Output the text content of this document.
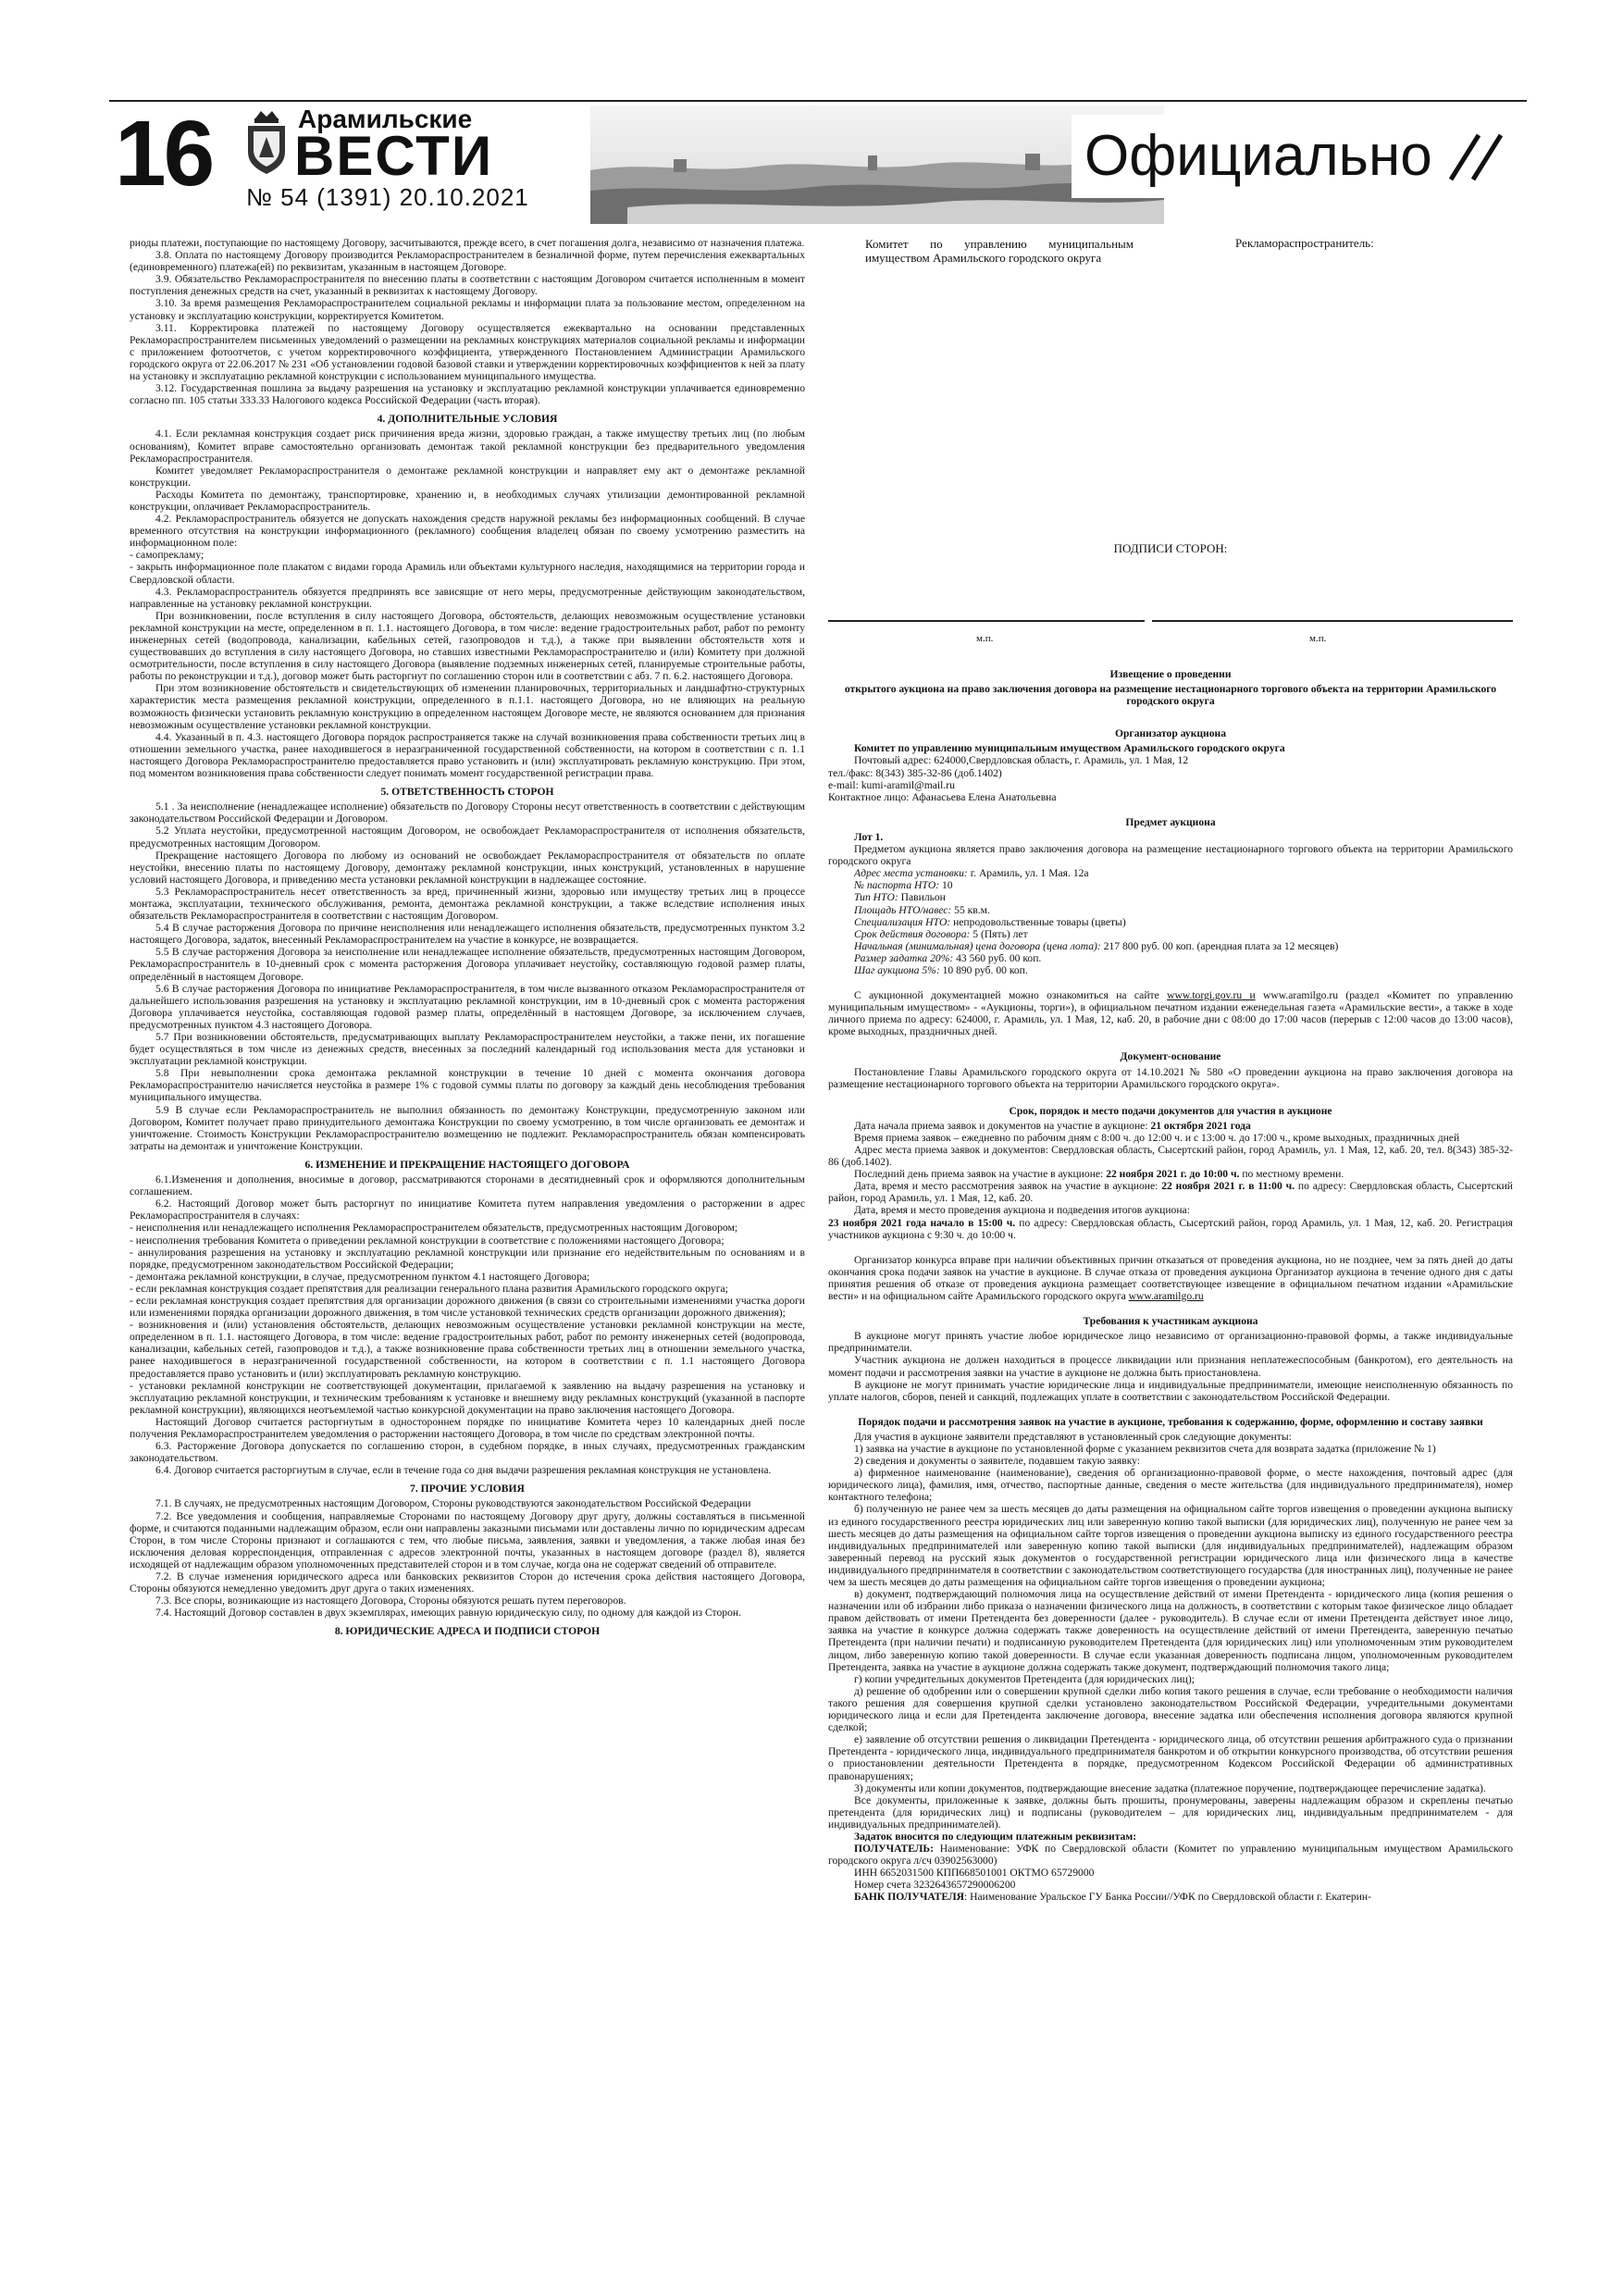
16	Арамильские
ВЕСТИ
№ 54 (1391) 20.10.2021
Официально

риоды платежи, поступающие по настоящему Договору, засчитываются, прежде всего, в счет погашения долга, независимо от назначения платежа.

3.8. Оплата по настоящему Договору производится Рекламораспространителем в безналичной форме, путем перечисления ежеквартальных (единовременного) платежа(ей) по реквизитам, указанным в настоящем Договоре.

3.9. Обязательство Рекламораспространителя по внесению платы в соответствии с настоящим Договором считается исполненным в момент поступления денежных средств на счет, указанный в реквизитах к настоящему Договору.

3.10. За время размещения Рекламораспространителем социальной рекламы и информации плата за пользование местом, определенном на установку и эксплуатацию конструкции, корректируется Комитетом.

3.11. Корректировка платежей по настоящему Договору осуществляется ежеквартально на основании представленных Рекламораспространителем письменных уведомлений о размещении на рекламных конструкциях материалов социальной рекламы и информации с приложением фотоотчетов, с учетом корректировочного коэффициента, утвержденного Постановлением Администрации Арамильского городского округа от 22.06.2017 № 231 «Об установлении годовой базовой ставки и утверждении корректировочных коэффициентов к ней за плату на установку и эксплуатацию рекламной конструкции с использованием муниципального имущества.

3.12. Государственная пошлина за выдачу разрешения на установку и эксплуатацию рекламной конструкции уплачивается единовременно согласно пп. 105 статьи 333.33 Налогового кодекса Российской Федерации (часть вторая).

4. ДОПОЛНИТЕЛЬНЫЕ УСЛОВИЯ

4.1. Если рекламная конструкция создает риск причинения вреда жизни, здоровью граждан, а также имуществу третьих лиц (по любым основаниям), Комитет вправе самостоятельно организовать демонтаж такой рекламной конструкции без предварительного уведомления Рекламораспространителя.

Комитет уведомляет Рекламораспространителя о демонтаже рекламной конструкции и направляет ему акт о демонтаже рекламной конструкции.

Расходы Комитета по демонтажу, транспортировке, хранению и, в необходимых случаях утилизации демонтированной рекламной конструкции, оплачивает Рекламораспространитель.

4.2. Рекламораспространитель обязуется не допускать нахождения средств наружной рекламы без информационных сообщений. В случае временного отсутствия на конструкции информационного (рекламного) сообщения владелец обязан по своему усмотрению разместить на информационном поле:

- самопрекламу;

- закрыть информационное поле плакатом с видами города Арамиль или объектами культурного наследия, находящимися на территории города и Свердловской области.

4.3. Рекламораспространитель обязуется предпринять все зависящие от него меры, предусмотренные действующим законодательством, направленные на установку рекламной конструкции.

При возникновении, после вступления в силу настоящего Договора, обстоятельств, делающих невозможным осуществление установки рекламной конструкции на месте, определенном в п. 1.1. настоящего Договора, в том числе: ведение градостроительных работ, работ по ремонту инженерных сетей (водопровода, канализации, кабельных сетей, газопроводов и т.д.), а также при выявлении обстоятельств хотя и существовавших до вступления в силу настоящего Договора, но ставших известными Рекламораспространителю и (или) Комитету при должной осмотрительности, после вступления в силу настоящего Договора (выявление подземных инженерных сетей, планируемые строительные работы, работы по реконструкции и т.д.), договор может быть расторгнут по соглашению сторон или в соответствии с абз. 7 п. 6.2. настоящего Договора.

При этом возникновение обстоятельств и свидетельствующих об изменении планировочных, территориальных и ландшафтно-структурных характеристик места размещения рекламной конструкции, определенного в п.1.1. настоящего Договора, но не влияющих на реальную возможность физически установить рекламную конструкцию в определенном настоящем Договоре месте, не являются основанием для признания невозможным осуществление установки рекламной конструкции.

4.4. Указанный в п. 4.3. настоящего Договора порядок распространяется также на случай возникновения права собственности третьих лиц в отношении земельного участка, ранее находившегося в неразграниченной государственной собственности, на котором в соответствии с п. 1.1 настоящего Договора Рекламораспространителю предоставляется право установить и (или) эксплуатировать рекламную конструкцию. При этом, под моментом возникновения права собственности следует понимать момент государственной регистрации права.

5. ОТВЕТСТВЕННОСТЬ СТОРОН

5.1 . За неисполнение (ненадлежащее исполнение) обязательств по Договору Стороны несут ответственность в соответствии с действующим законодательством Российской Федерации и Договором.

5.2 Уплата неустойки, предусмотренной настоящим Договором, не освобождает Рекламораспространителя от исполнения обязательств, предусмотренных настоящим Договором.

Прекращение настоящего Договора по любому из оснований не освобождает Рекламораспространителя от обязательств по оплате неустойки, внесению платы по настоящему Договору, демонтажу рекламной конструкции, иных конструкций, установленных в нарушение условий настоящего Договора, и приведению места установки рекламной конструкции в надлежащее состояние.

5.3 Рекламораспространитель несет ответственность за вред, причиненный жизни, здоровью или имуществу третьих лиц в процессе монтажа, эксплуатации, технического обслуживания, ремонта, демонтажа рекламной конструкции, а также вследствие исполнения иных обязательств Рекламораспространителя в соответствии с настоящим Договором.

5.4 В случае расторжения Договора по причине неисполнения или ненадлежащего исполнения обязательств, предусмотренных пунктом 3.2 настоящего Договора, задаток, внесенный Рекламораспространителем на участие в конкурсе, не возвращается.

5.5 В случае расторжения Договора за неисполнение или ненадлежащее исполнение обязательств, предусмотренных настоящим Договором, Рекламораспространитель в 10-дневный срок с момента расторжения Договора уплачивает неустойку, составляющую годовой размер платы, определённый в настоящем Договоре.

5.6 В случае расторжения Договора по инициативе Рекламораспространителя, в том числе вызванного отказом Рекламораспространителя от дальнейшего использования разрешения на установку и эксплуатацию рекламной конструкции, им в 10-дневный срок с момента расторжения Договора уплачивается неустойка, составляющая годовой размер платы, определённый в настоящем Договоре, за исключением случаев, предусмотренных пунктом 4.3 настоящего Договора.

5.7 При возникновении обстоятельств, предусматривающих выплату Рекламораспространителем неустойки, а также пени, их погашение будет осуществляться в том числе из денежных средств, внесенных за последний календарный год использования места для установки и эксплуатации рекламной конструкции.

5.8 При невыполнении срока демонтажа рекламной конструкции в течение 10 дней с момента окончания договора Рекламораспространителю начисляется неустойка в размере 1% с годовой суммы платы по договору за каждый день несоблюдения требования муниципального имущества.

5.9 В случае если Рекламораспространитель не выполнил обязанность по демонтажу Конструкции, предусмотренную законом или Договором, Комитет получает право принудительного демонтажа Конструкции по своему усмотрению, в том числе организовать ее демонтаж и уничтожение. Стоимость Конструкции Рекламораспространителю возмещению не подлежит. Рекламораспространитель обязан компенсировать затраты на демонтаж и уничтожение Конструкции.

6. ИЗМЕНЕНИЕ И ПРЕКРАЩЕНИЕ НАСТОЯЩЕГО ДОГОВОРА

6.1.Изменения и дополнения, вносимые в договор, рассматриваются сторонами в десятидневный срок и оформляются дополнительным соглашением.

6.2. Настоящий Договор может быть расторгнут по инициативе Комитета путем направления уведомления о расторжении в адрес Рекламораспространителя в случаях:

- неисполнения или ненадлежащего исполнения Рекламораспространителем обязательств, предусмотренных настоящим Договором;

- неисполнения требования Комитета о приведении рекламной конструкции в соответствие с положениями настоящего Договора;

- аннулирования разрешения на установку и эксплуатацию рекламной конструкции или признание его недействительным по основаниям и в порядке, предусмотренном законодательством Российской Федерации;

- демонтажа рекламной конструкции, в случае, предусмотренном пунктом 4.1 настоящего Договора;

- если рекламная конструкция создает препятствия для реализации генерального плана развития Арамильского городского округа;

- если рекламная конструкция создает препятствия для организации дорожного движения (в связи со строительными изменениями участка дороги или изменениями порядка организации дорожного движения, в том числе установкой технических средств организации дорожного движения);

- возникновения и (или) установления обстоятельств, делающих невозможным осуществление установки рекламной конструкции на месте, определенном в п. 1.1. настоящего Договора, в том числе: ведение градостроительных работ, работ по ремонту инженерных сетей (водопровода, канализации, кабельных сетей, газопроводов и т.д.), а также возникновение права собственности третьих лиц в отношении земельного участка, ранее находившегося в неразграниченной государственной собственности, на котором в соответствии с п. 1.1 настоящего Договора предоставляется право установить и (или) эксплуатировать рекламную конструкцию.

- установки рекламной конструкции не соответствующей документации, прилагаемой к заявлению на выдачу разрешения на установку и эксплуатацию рекламной конструкции, и техническим требованиям к установке и внешнему виду рекламных конструкций (указанной в паспорте рекламной конструкции), являющихся неотъемлемой частью конкурсной документации на право заключения настоящего Договора.

Настоящий Договор считается расторгнутым в одностороннем порядке по инициативе Комитета через 10 календарных дней после получения Рекламораспространителем уведомления о расторжении настоящего Договора, в том числе по средствам электронной почты.

6.3. Расторжение Договора допускается по соглашению сторон, в судебном порядке, в иных случаях, предусмотренных гражданским законодательством.

6.4. Договор считается расторгнутым в случае, если в течение года со дня выдачи разрешения рекламная конструкция не установлена.

7. ПРОЧИЕ УСЛОВИЯ

7.1. В случаях, не предусмотренных настоящим Договором, Стороны руководствуются законодательством Российской Федерации

7.2. Все уведомления и сообщения, направляемые Сторонами по настоящему Договору друг другу, должны составляться в письменной форме, и считаются поданными надлежащим образом, если они направлены заказными письмами или доставлены лично по юридическим адресам Сторон, в том числе Стороны признают и соглашаются с тем, что любые письма, заявления, заявки и уведомления, а также любая иная без исключения деловая корреспонденция, отправленная с адресов электронной почты, указанных в настоящем договоре (раздел 8), является исходящей от надлежащим образом уполномоченных представителей сторон и в том случае, когда она не содержат сведений об отправителе.

7.2. В случае изменения юридического адреса или банковских реквизитов Сторон до истечения срока действия настоящего Договора, Стороны обязуются немедленно уведомить друг друга о таких изменениях.

7.3. Все споры, возникающие из настоящего Договора, Стороны обязуются решать путем переговоров.

7.4. Настоящий Договор составлен в двух экземплярах, имеющих равную юридическую силу, по одному для каждой из Сторон.

8. ЮРИДИЧЕСКИЕ АДРЕСА И ПОДПИСИ СТОРОН

Комитет по управлению муниципальным имуществом Арамильского городского округа
Рекламораспространитель:
ПОДПИСИ СТОРОН:
м.п.	м.п.

Извещение о проведении

открытого аукциона на право заключения договора на размещение нестационарного торгового объекта на территории Арамильского городского округа

Организатор аукциона

Комитет по управлению муниципальным имуществом Арамильского городского округа

Почтовый адрес: 624000,Свердловская область, г. Арамиль, ул. 1 Мая, 12

тел./факс: 8(343) 385-32-86 (доб.1402)

e-mail: kumi-aramil@mail.ru

Контактное лицо: Афанасьева Елена Анатольевна

Предмет аукциона

Лот 1.

Предметом аукциона является право заключения договора на размещение нестационарного торгового объекта на территории Арамильского городского округа

Адрес места установки: г. Арамиль, ул. 1 Мая. 12а

№ паспорта НТО: 10

Тип НТО: Павильон

Площадь НТО/навес: 55 кв.м.

Специализация НТО: непродовольственные товары (цветы)

Срок действия договора: 5 (Пять) лет

Начальная (минимальная) цена договора (цена лота): 217 800 руб. 00 коп. (арендная плата за 12 месяцев)

Размер задатка 20%: 43 560 руб. 00 коп.

Шаг аукциона 5%: 10 890 руб. 00 коп.

С аукционной документацией можно ознакомиться на сайте www.torgi.gov.ru и www.aramilgo.ru (раздел «Комитет по управлению муниципальным имуществом» - «Аукционы, торги»), в официальном печатном издании еженедельная газета «Арамильские вести», а также в ходе личного приема по адресу: 624000, г. Арамиль, ул. 1 Мая, 12, каб. 20, в рабочие дни с 08:00 до 17:00 часов (перерыв с 12:00 часов до 13:00 часов), кроме выходных, праздничных дней.

Документ-основание

Постановление Главы Арамильского городского округа от 14.10.2021 № 580 «О проведении аукциона на право заключения договора на размещение нестационарного торгового объекта на территории Арамильского городского округа».

Срок, порядок и место подачи документов для участия в аукционе

Дата начала приема заявок и документов на участие в аукционе: 21 октября 2021 года

Время приема заявок – ежедневно по рабочим дням с 8:00 ч. до 12:00 ч. и с 13:00 ч. до 17:00 ч., кроме выходных, праздничных дней

Адрес места приема заявок и документов: Свердловская область, Сысертский район, город Арамиль, ул. 1 Мая, 12, каб. 20, тел. 8(343) 385-32-86 (доб.1402).

Последний день приема заявок на участие в аукционе: 22 ноября 2021 г. до 10:00 ч. по местному времени.

Дата, время и место рассмотрения заявок на участие в аукционе: 22 ноября 2021 г. в 11:00 ч. по адресу: Свердловская область, Сысертский район, город Арамиль, ул. 1 Мая, 12, каб. 20.

Дата, время и место проведения аукциона и подведения итогов аукциона:

23 ноября 2021 года начало в 15:00 ч. по адресу: Свердловская область, Сысертский район, город Арамиль, ул. 1 Мая, 12, каб. 20. Регистрация участников аукциона с 9:30 ч. до 10:00 ч.

Организатор конкурса вправе при наличии объективных причин отказаться от проведения аукциона, но не позднее, чем за пять дней до даты окончания срока подачи заявок на участие в аукционе. В случае отказа от проведения аукциона Организатор аукциона в течение одного дня с даты принятия решения об отказе от проведения аукциона размещает соответствующее извещение в официальном печатном издании «Арамильские вести» и на официальном сайте Арамильского городского округа www.aramilgo.ru

Требования к участникам аукциона

В аукционе могут принять участие любое юридическое лицо независимо от организационно-правовой формы, а также индивидуальные предприниматели.

Участник аукциона не должен находиться в процессе ликвидации или признания неплатежеспособным (банкротом), его деятельность на момент подачи и рассмотрения заявки на участие в аукционе не должна быть приостановлена.

В аукционе не могут принимать участие юридические лица и индивидуальные предприниматели, имеющие неисполненную обязанность по уплате налогов, сборов, пеней и санкций, подлежащих уплате в соответствии с законодательством Российской Федерации.

Порядок подачи и рассмотрения заявок на участие в аукционе, требования к содержанию, форме, оформлению и составу заявки

Для участия в аукционе заявители представляют в установленный срок следующие документы:

1) заявка на участие в аукционе по установленной форме с указанием реквизитов счета для возврата задатка (приложение № 1)

2) сведения и документы о заявителе, подавшем такую заявку:

а) фирменное наименование (наименование), сведения об организационно-правовой форме, о месте нахождения, почтовый адрес (для юридического лица), фамилия, имя, отчество, паспортные данные, сведения о месте жительства (для индивидуального предпринимателя), номер контактного телефона;

б) полученную не ранее чем за шесть месяцев до даты размещения на официальном сайте торгов извещения о проведении аукциона выписку из единого государственного реестра юридических лиц или заверенную копию такой выписки (для юридических лиц), полученную не ранее чем за шесть месяцев до даты размещения на официальном сайте торгов извещения о проведении аукциона выписку из единого государственного реестра индивидуальных предпринимателей или заверенную копию такой выписки (для индивидуальных предпринимателей), надлежащим образом заверенный перевод на русский язык документов о государственной регистрации юридического лица или физического лица в качестве индивидуального предпринимателя в соответствии с законодательством соответствующего государства (для иностранных лиц), полученные не ранее чем за шесть месяцев до даты размещения на официальном сайте торгов извещения о проведении аукциона;

в) документ, подтверждающий полномочия лица на осуществление действий от имени Претендента - юридического лица (копия решения о назначении или об избрании либо приказа о назначении физического лица на должность, в соответствии с которым такое физическое лицо обладает правом действовать от имени Претендента без доверенности (далее - руководитель). В случае если от имени Претендента действует иное лицо, заявка на участие в конкурсе должна содержать также доверенность на осуществление действий от имени Претендента, заверенную печатью Претендента (при наличии печати) и подписанную руководителем Претендента (для юридических лиц) или уполномоченным этим руководителем лицом, либо заверенную копию такой доверенности. В случае если указанная доверенность подписана лицом, уполномоченным руководителем Претендента, заявка на участие в аукционе должна содержать также документ, подтверждающий полномочия такого лица;

г) копии учредительных документов Претендента (для юридических лиц);

д) решение об одобрении или о совершении крупной сделки либо копия такого решения в случае, если требование о необходимости наличия такого решения для совершения крупной сделки установлено законодательством Российской Федерации, учредительными документами юридического лица и если для Претендента заключение договора, внесение задатка или обеспечения исполнения договора являются крупной сделкой;

е) заявление об отсутствии решения о ликвидации Претендента - юридического лица, об отсутствии решения арбитражного суда о признании Претендента - юридического лица, индивидуального предпринимателя банкротом и об открытии конкурсного производства, об отсутствии решения о приостановлении деятельности Претендента в порядке, предусмотренном Кодексом Российской Федерации об административных правонарушениях;

3) документы или копии документов, подтверждающие внесение задатка (платежное поручение, подтверждающее перечисление задатка).

Все документы, приложенные к заявке, должны быть прошиты, пронумерованы, заверены надлежащим образом и скреплены печатью претендента (для юридических лиц) и подписаны (руководителем – для юридических лиц, индивидуальным предпринимателем - для индивидуальных предпринимателей).

Задаток вносится по следующим платежным реквизитам:

ПОЛУЧАТЕЛЬ: Наименование: УФК по Свердловской области (Комитет по управлению муниципальным имуществом Арамильского городского округа л/сч 03902563000)

ИНН 6652031500 КПП668501001 ОКТМО 65729000

Номер счета 3232643657290006200

БАНК ПОЛУЧАТЕЛЯ: Наименование Уральское ГУ Банка России//УФК по Свердловской области г. Екатерин-
